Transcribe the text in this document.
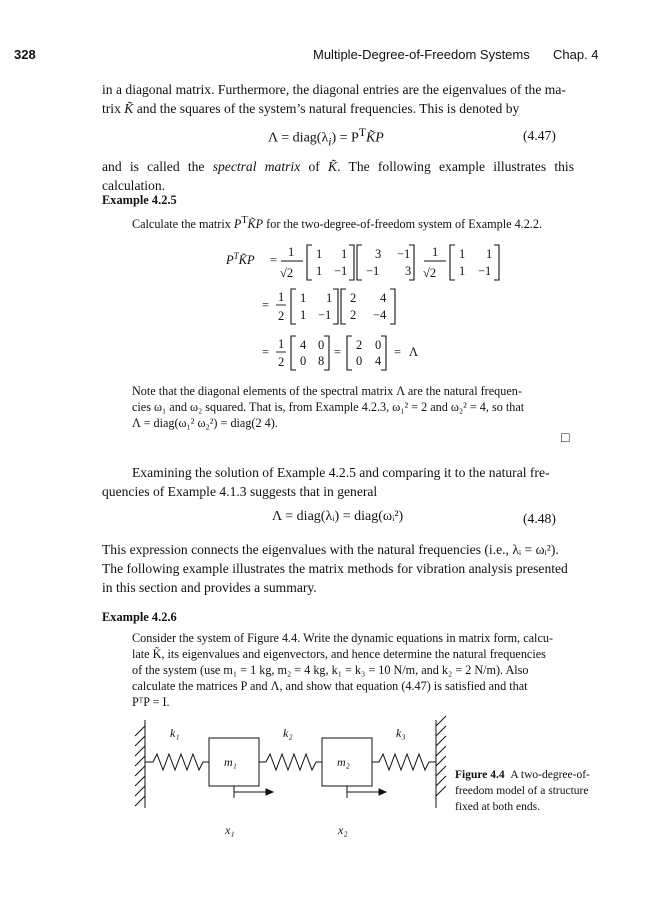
328	Multiple-Degree-of-Freedom Systems Chap. 4
in a diagonal matrix. Furthermore, the diagonal entries are the eigenvalues of the ma-
trix K̃ and the squares of the system’s natural frequencies. This is denoted by
$\Lambda = diag(\lambda_i)$ = $P^TK̃P$	(4.47)
and is called the spectral matrix of K̃. The following example illustrates this calculation.
Example 4.2.5
Calculate the matrix $P^TK̃P$ for the two-degree-of-freedom system of Example 4.2.2.
$P^TK̃P$ =
1
√2
1 1
1 −1
3 −1
−1 3
1
√2
1 1
1 −1
=
1
2
1 1
1 −1
2 4
2 −4
=
1
2
4 0
0 8
= 2 0
0 4
= Λ
Note that the diagonal elements of the spectral matrix Λ are the natural frequen-
cies ω₁ and ω₂ squared. That is, from Example 4.2.3, ω₁² = 2 and ω₂² = 4, so that
Λ = diag(ω₁² ω₂²) = diag(2 4).
□
Examining the solution of Example 4.2.5 and comparing it to the natural fre-
quencies of Example 4.1.3 suggests that in general
Λ = diag(λᵢ) = diag(ωᵢ²)	(4.48)
This expression connects the eigenvalues with the natural frequencies (i.e., λᵢ = ωᵢ²).
The following example illustrates the matrix methods for vibration analysis presented
in this section and provides a summary.
Example 4.2.6
Consider the system of Figure 4.4. Write the dynamic equations in matrix form, calcu-
late K̃, its eigenvalues and eigenvectors, and hence determine the natural frequencies
of the system (use m₁ = 1 kg, m₂ = 4 kg, k₁ = k₃ = 10 N/m, and k₂ = 2 N/m). Also
calculate the matrices P and Λ, and show that equation (4.47) is satisfied and that
PᵀP = I.
k₁	k₂	k₃
m₁	m₂
x₁	x₂
Figure 4.4 A two-degree-of-
freedom model of a structure
fixed at both ends.
